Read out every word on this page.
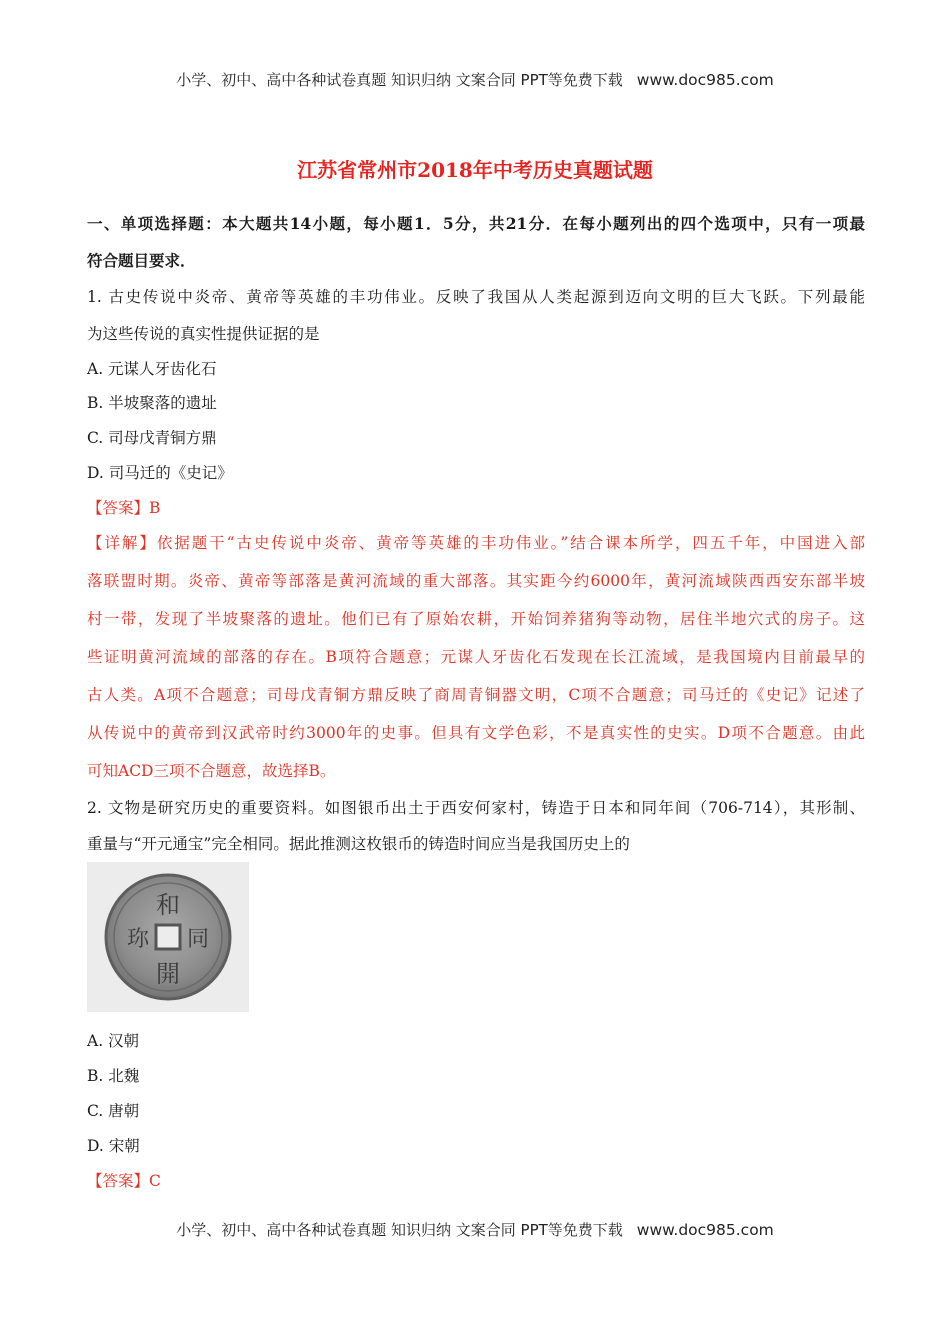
小学、初中、高中各种试卷真题 知识归纳 文案合同 PPT等免费下载 www.doc985.com
江苏省常州市2018年中考历史真题试题
一、单项选择题：本大题共14小题，每小题1．5分，共21分．在每小题列出的四个选项中，只有一项最
符合题目要求．
1. 古史传说中炎帝、黄帝等英雄的丰功伟业。反映了我国从人类起源到迈向文明的巨大飞跃。下列最能
为这些传说的真实性提供证据的是
A. 元谋人牙齿化石
B. 半坡聚落的遗址
C. 司母戊青铜方鼎
D. 司马迁的《史记》
【答案】B
【详解】依据题干“古史传说中炎帝、黄帝等英雄的丰功伟业。”结合课本所学，四五千年，中国进入部
落联盟时期。炎帝、黄帝等部落是黄河流域的重大部落。其实距今约6000年，黄河流域陕西西安东部半坡
村一带，发现了半坡聚落的遗址。他们已有了原始农耕，开始饲养猪狗等动物，居住半地穴式的房子。这
些证明黄河流域的部落的存在。B项符合题意；元谋人牙齿化石发现在长江流域，是我国境内目前最早的
古人类。A项不合题意；司母戊青铜方鼎反映了商周青铜器文明，C项不合题意；司马迁的《史记》记述了
从传说中的黄帝到汉武帝时约3000年的史事。但具有文学色彩，不是真实性的史实。D项不合题意。由此
可知ACD三项不合题意，故选择B。
2. 文物是研究历史的重要资料。如图银币出土于西安何家村，铸造于日本和同年间（706-714），其形制、
重量与“开元通宝”完全相同。据此推测这枚银币的铸造时间应当是我国历史上的
A. 汉朝
B. 北魏
C. 唐朝
D. 宋朝
【答案】C
和
同
開
珎
小学、初中、高中各种试卷真题 知识归纳 文案合同 PPT等免费下载 www.doc985.com
